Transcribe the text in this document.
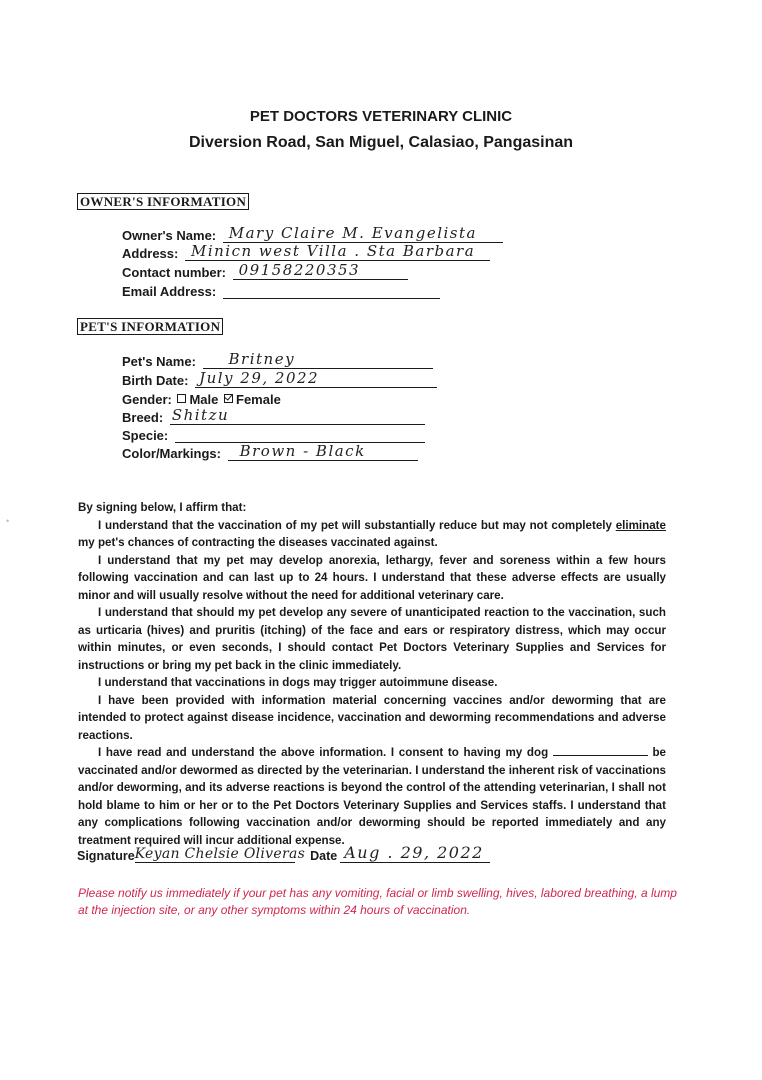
PET DOCTORS VETERINARY CLINIC
Diversion Road, San Miguel, Calasiao, Pangasinan
•
OWNER'S INFORMATION
Owner's Name: Mary Claire M. Evangelista
Address: Minicn west Villa . Sta Barbara
Contact number: 09158220353
Email Address:
PET'S INFORMATION
Pet's Name: Britney
Birth Date: July 29, 2022
Gender: Male Female
Breed: Shitzu
Specie:
Color/Markings: Brown - Black

By signing below, I affirm that:

I understand that the vaccination of my pet will substantially reduce but may not completely eliminate my pet's chances of contracting the diseases vaccinated against.

I understand that my pet may develop anorexia, lethargy, fever and soreness within a few hours following vaccination and can last up to 24 hours. I understand that these adverse effects are usually minor and will usually resolve without the need for additional veterinary care.

I understand that should my pet develop any severe of unanticipated reaction to the vaccination, such as urticaria (hives) and pruritis (itching) of the face and ears or respiratory distress, which may occur within minutes, or even seconds, I should contact Pet Doctors Veterinary Supplies and Services for instructions or bring my pet back in the clinic immediately.

I understand that vaccinations in dogs may trigger autoimmune disease.

I have been provided with information material concerning vaccines and/or deworming that are intended to protect against disease incidence, vaccination and deworming recommendations and adverse reactions.

I have read and understand the above information. I consent to having my dog	be vaccinated and/or dewormed as directed by the veterinarian. I understand the inherent risk of vaccinations and/or deworming, and its adverse reactions is beyond the control of the attending veterinarian, I shall not hold blame to him or her or to the Pet Doctors Veterinary Supplies and Services staffs. I understand that any complications following vaccination and/or deworming should be reported immediately and any treatment required will incur additional expense.

Signature Keyan Chelsie Oliveras Date Aug . 29, 2022
Please notify us immediately if your pet has any vomiting, facial or limb swelling, hives, labored breathing, a lump at the injection site, or any other symptoms within 24 hours of vaccination.
